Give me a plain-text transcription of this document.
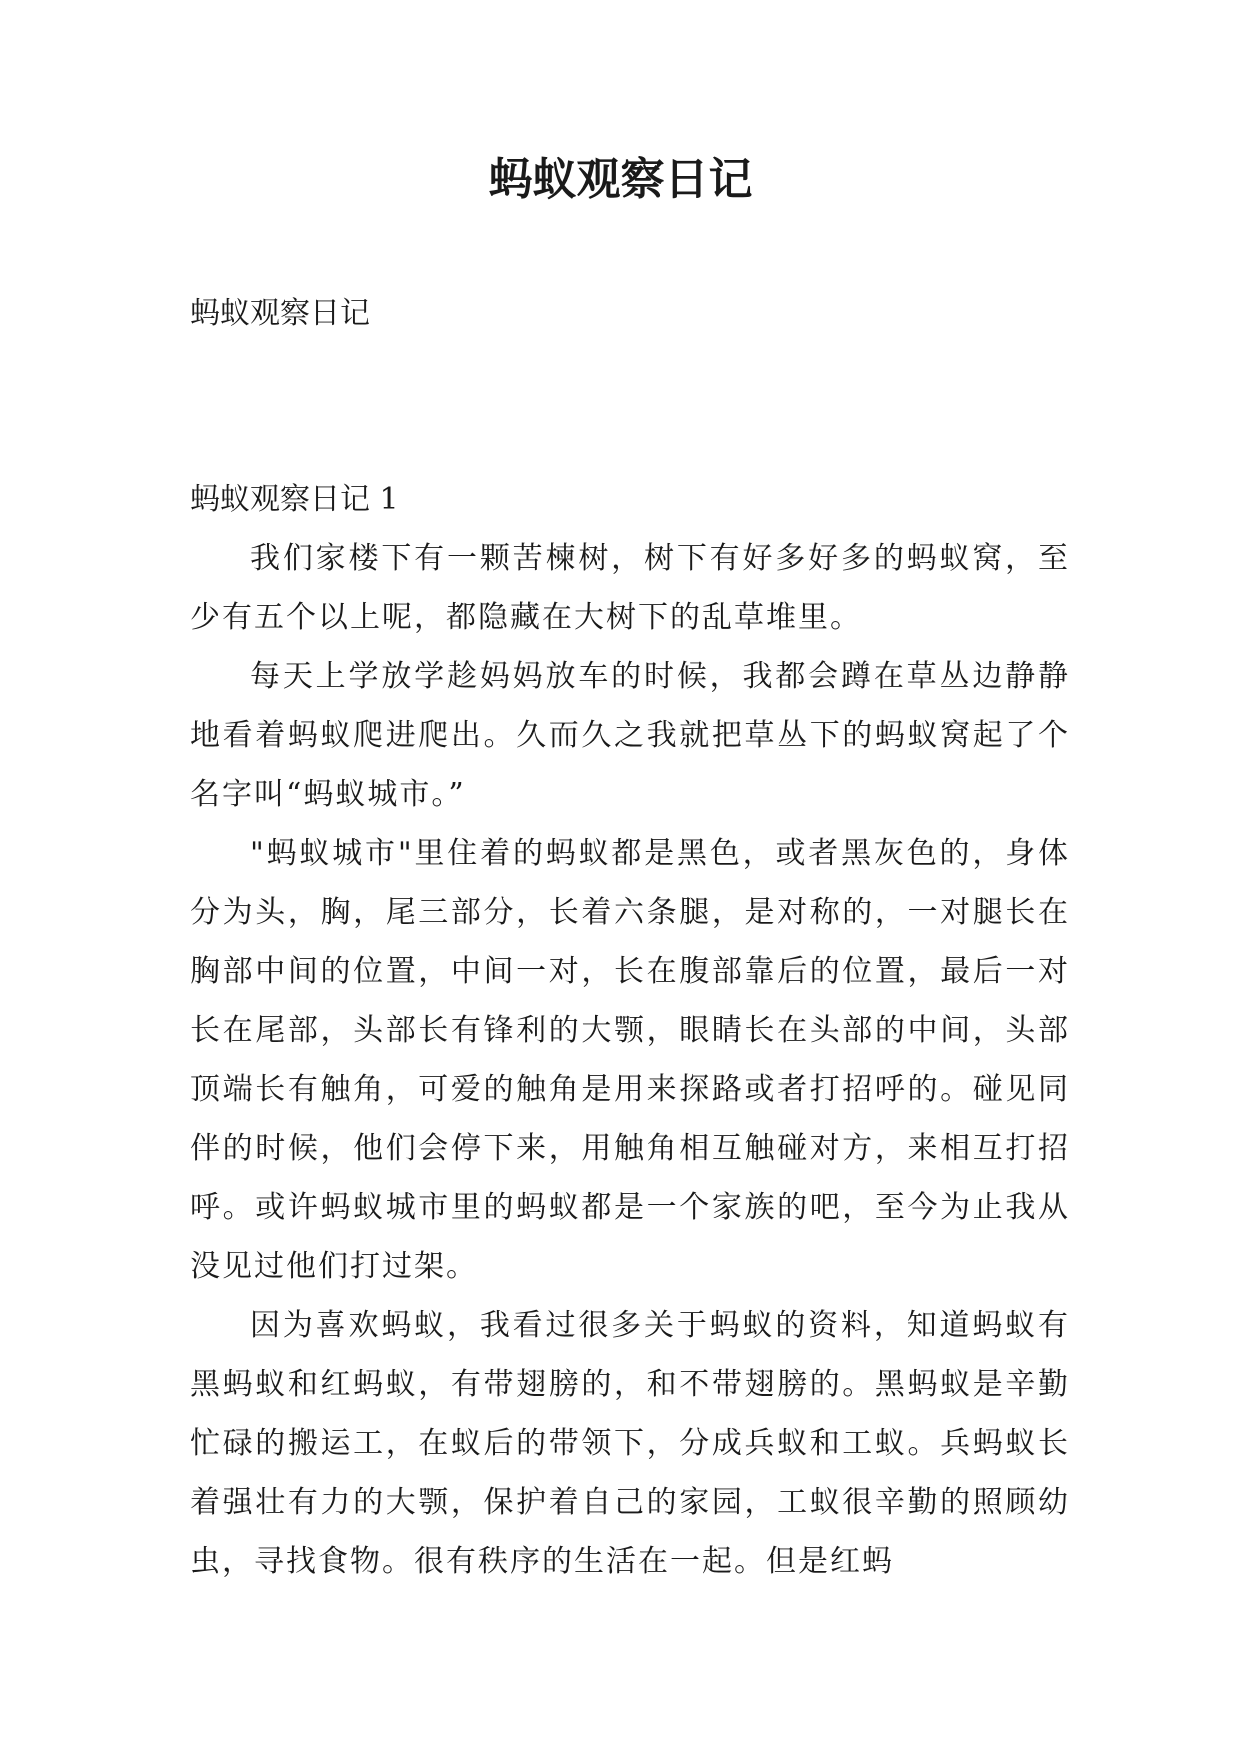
蚂蚁观察日记

蚂蚁观察日记

蚂蚁观察日记 1

我们家楼下有一颗苦楝树，树下有好多好多的蚂蚁窝，至少有五个以上呢，都隐藏在大树下的乱草堆里。

每天上学放学趁妈妈放车的时候，我都会蹲在草丛边静静地看着蚂蚁爬进爬出。久而久之我就把草丛下的蚂蚁窝起了个名字叫“蚂蚁城市。”

"蚂蚁城市"里住着的蚂蚁都是黑色，或者黑灰色的，身体分为头，胸，尾三部分，长着六条腿，是对称的，一对腿长在胸部中间的位置，中间一对，长在腹部靠后的位置，最后一对长在尾部，头部长有锋利的大颚，眼睛长在头部的中间，头部顶端长有触角，可爱的触角是用来探路或者打招呼的。碰见同伴的时候，他们会停下来，用触角相互触碰对方，来相互打招呼。或许蚂蚁城市里的蚂蚁都是一个家族的吧，至今为止我从没见过他们打过架。

因为喜欢蚂蚁，我看过很多关于蚂蚁的资料，知道蚂蚁有黑蚂蚁和红蚂蚁，有带翅膀的，和不带翅膀的。黑蚂蚁是辛勤忙碌的搬运工，在蚁后的带领下，分成兵蚁和工蚁。兵蚂蚁长着强壮有力的大颚，保护着自己的家园，工蚁很辛勤的照顾幼虫，寻找食物。很有秩序的生活在一起。但是红蚂
